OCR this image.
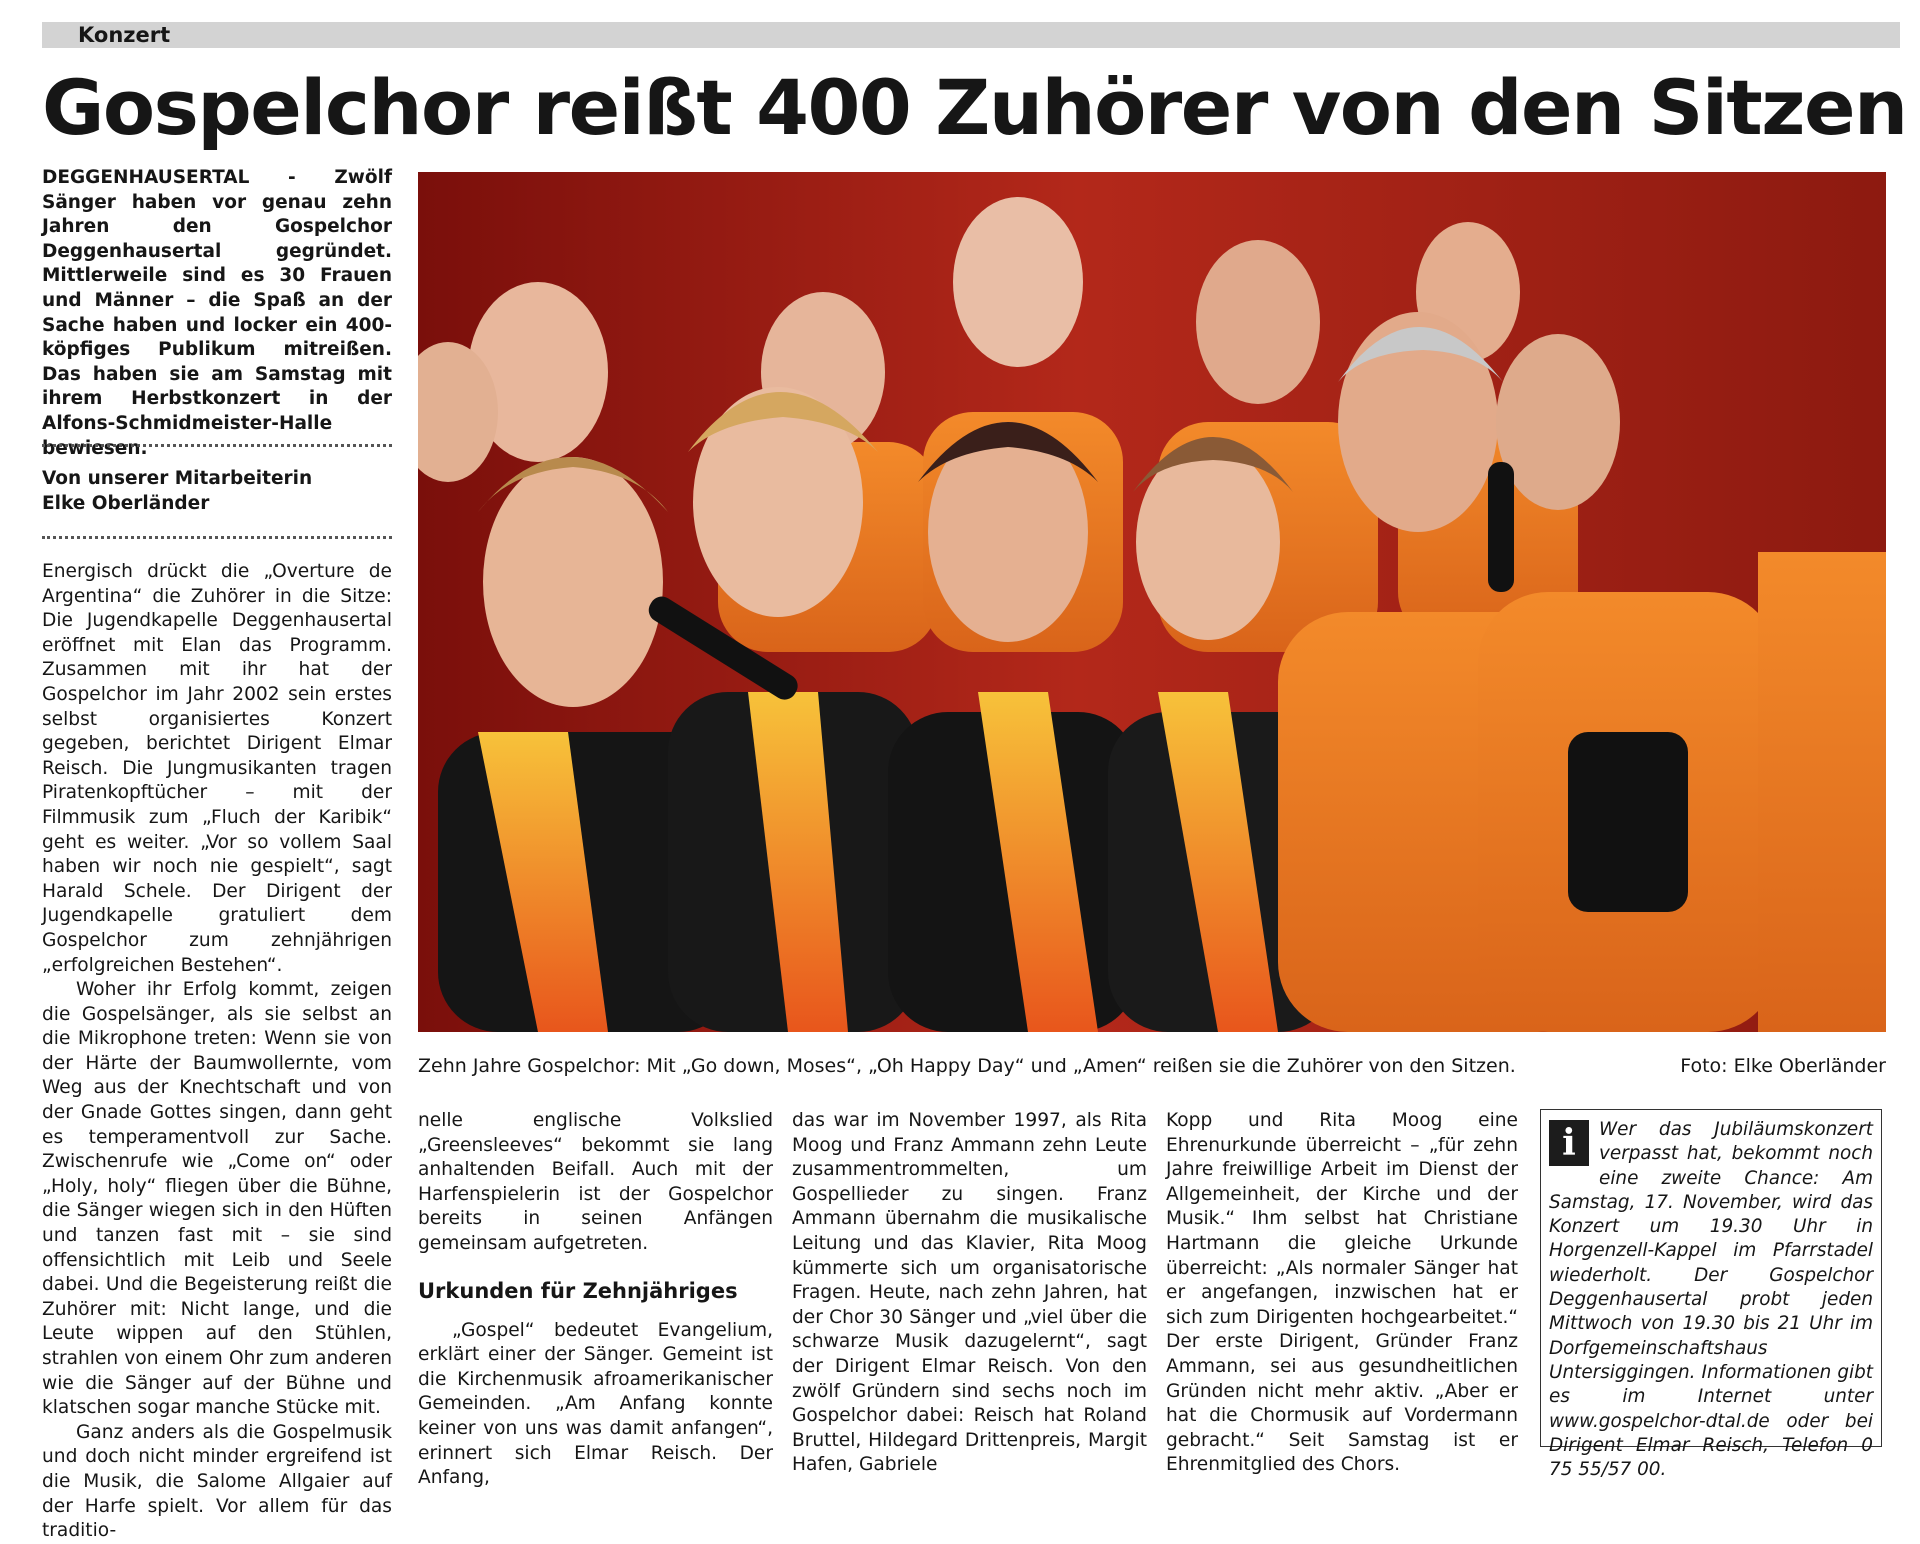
Konzert
Gospelchor reißt 400 Zuhörer von den Sitzen
DEGGENHAUSERTAL - Zwölf Sänger haben vor genau zehn Jahren den Gospelchor Deggenhausertal gegründet. Mittlerweile sind es 30 Frauen und Männer – die Spaß an der Sache haben und locker ein 400-köpfiges Publikum mitreißen. Das haben sie am Samstag mit ihrem Herbstkonzert in der Alfons-Schmidmeister-Halle bewiesen.
Von unserer Mitarbeiterin
Elke Oberländer

Energisch drückt die „Overture de Argentina“ die Zuhörer in die Sitze: Die Jugendkapelle Deggenhausertal eröffnet mit Elan das Programm. Zusammen mit ihr hat der Gospelchor im Jahr 2002 sein erstes selbst organisiertes Konzert gegeben, berichtet Dirigent Elmar Reisch. Die Jungmusikanten tragen Piratenkopftücher – mit der Filmmusik zum „Fluch der Karibik“ geht es weiter. „Vor so vollem Saal haben wir noch nie gespielt“, sagt Harald Schele. Der Dirigent der Jugendkapelle gratuliert dem Gospelchor zum zehnjährigen „erfolgreichen Bestehen“.

Woher ihr Erfolg kommt, zeigen die Gospelsänger, als sie selbst an die Mikrophone treten: Wenn sie von der Härte der Baumwollernte, vom Weg aus der Knechtschaft und von der Gnade Gottes singen, dann geht es temperamentvoll zur Sache. Zwischenrufe wie „Come on“ oder „Holy, holy“ fliegen über die Bühne, die Sänger wiegen sich in den Hüften und tanzen fast mit – sie sind offensichtlich mit Leib und Seele dabei. Und die Begeisterung reißt die Zuhörer mit: Nicht lange, und die Leute wippen auf den Stühlen, strahlen von einem Ohr zum anderen wie die Sänger auf der Bühne und klatschen sogar manche Stücke mit.

Ganz anders als die Gospelmusik und doch nicht minder ergreifend ist die Musik, die Salome Allgaier auf der Harfe spielt. Vor allem für das traditio-

Zehn Jahre Gospelchor: Mit „Go down, Moses“, „Oh Happy Day“ und „Amen“ reißen sie die Zuhörer von den Sitzen.	Foto: Elke Oberländer

nelle englische Volkslied „Greensleeves“ bekommt sie lang anhaltenden Beifall. Auch mit der Harfenspielerin ist der Gospelchor bereits in seinen Anfängen gemeinsam aufgetreten.

Urkunden für Zehnjähriges

„Gospel“ bedeutet Evangelium, erklärt einer der Sänger. Gemeint ist die Kirchenmusik afroamerikanischer Gemeinden. „Am Anfang konnte keiner von uns was damit anfangen“, erinnert sich Elmar Reisch. Der Anfang,

das war im November 1997, als Rita Moog und Franz Ammann zehn Leute zusammentrommelten, um Gospellieder zu singen. Franz Ammann übernahm die musikalische Leitung und das Klavier, Rita Moog kümmerte sich um organisatorische Fragen. Heute, nach zehn Jahren, hat der Chor 30 Sänger und „viel über die schwarze Musik dazugelernt“, sagt der Dirigent Elmar Reisch. Von den zwölf Gründern sind sechs noch im Gospelchor dabei: Reisch hat Roland Bruttel, Hildegard Drittenpreis, Margit Hafen, Gabriele

Kopp und Rita Moog eine Ehrenurkunde überreicht – „für zehn Jahre freiwillige Arbeit im Dienst der Allgemeinheit, der Kirche und der Musik.“ Ihm selbst hat Christiane Hartmann die gleiche Urkunde überreicht: „Als normaler Sänger hat er angefangen, inzwischen hat er sich zum Dirigenten hochgearbeitet.“ Der erste Dirigent, Gründer Franz Ammann, sei aus gesundheitlichen Gründen nicht mehr aktiv. „Aber er hat die Chormusik auf Vordermann gebracht.“ Seit Samstag ist er Ehrenmitglied des Chors.

i	Wer das Jubiläumskonzert verpasst hat, bekommt noch eine zweite Chance: Am Samstag, 17. November, wird das Konzert um 19.30 Uhr in Horgenzell-Kappel im Pfarrstadel wiederholt. Der Gospelchor Deggenhausertal probt jeden Mittwoch von 19.30 bis 21 Uhr im Dorfgemeinschaftshaus Untersiggingen. Informationen gibt es im Internet unter www.gospelchor-dtal.de oder bei Dirigent Elmar Reisch, Telefon 0 75 55/57 00.
